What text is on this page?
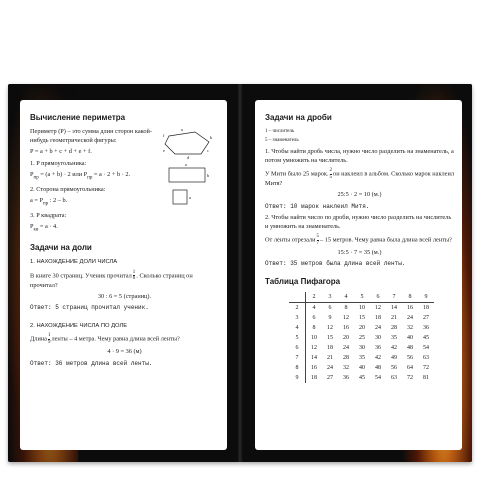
Вычисление периметра

Периметр (P) – это сумма длин сторон какой-нибудь геометрической фигуры:

P = a + b + c + d + e + f.

1. P прямоугольника:

$P_{пр} = (a + b) \cdot 2$ или $P_{пр} = a \cdot 2 + b \cdot 2$.

2. Сторона прямоугольника:

$a = P_{пр}$ : 2 – b.

3. P квадрата:

$P_{кв} = a \cdot 4$.

a
b
c
d
e
f
a
b
a
Задачи на доли

1. НАХОЖДЕНИЕ ДОЛИ ЧИСЛА

В книге 30 страниц. Ученик прочитал $\frac{1}{6}$ . Сколько страниц он прочитал?

30 : 6 = 5 (страниц).

Ответ: 5 страниц прочитал ученик.

2. НАХОЖДЕНИЕ ЧИСЛА ПО ДОЛЕ

Длина $\frac{1}{9}$ ленты – 4 метра. Чему равна длина всей ленты?

4 · 9 = 36 (м)

Ответ: 36 метров длина всей ленты.

Задачи на дроби

1 – числитель

5 – знаменатель

1. Чтобы найти дробь числа, нужно число разделить на знаменатель, а потом умножить на числитель.

У Мити было 25 марок. $\frac{2}{5}$ он наклеил в альбом. Сколько марок наклеил Митя?

25:5 · 2 = 10 (м.)

Ответ: 10 марок наклеил Митя.

2. Чтобы найти число по дроби, нужно число разделить на числитель и умножить на знаменатель.

От ленты отрезали $\frac{5}{7} - 15$ метров. Чему равна была длина всей ленты?

15:5 · 7 = 35 (м.)

Ответ: 35 метров была длина всей ленты.

Таблица Пифагора
	2	3	4	5	6	7	8	9
2	4	6	8	10	12	14	16	18
3	6	9	12	15	18	21	24	27
4	8	12	16	20	24	28	32	36
5	10	15	20	25	30	35	40	45
6	12	18	24	30	36	42	48	54
7	14	21	28	35	42	49	56	63
8	16	24	32	40	48	56	64	72
9	18	27	36	45	54	63	72	81
